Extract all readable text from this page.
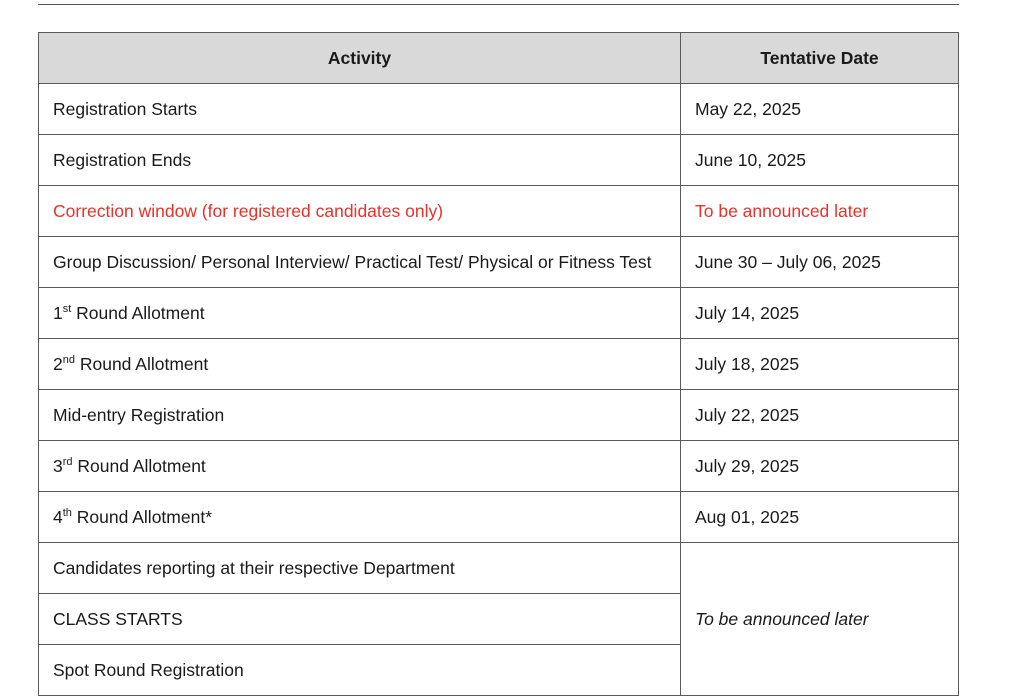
Activity	Tentative Date
Registration Starts	May 22, 2025
Registration Ends	June 10, 2025
Correction window (for registered candidates only)	To be announced later
Group Discussion/ Personal Interview/ Practical Test/ Physical or Fitness Test	June 30 – July 06, 2025
1st Round Allotment	July 14, 2025
2nd Round Allotment	July 18, 2025
Mid-entry Registration	July 22, 2025
3rd Round Allotment	July 29, 2025
4th Round Allotment*	Aug 01, 2025
Candidates reporting at their respective Department	To be announced later
CLASS STARTS	
Spot Round Registration	
